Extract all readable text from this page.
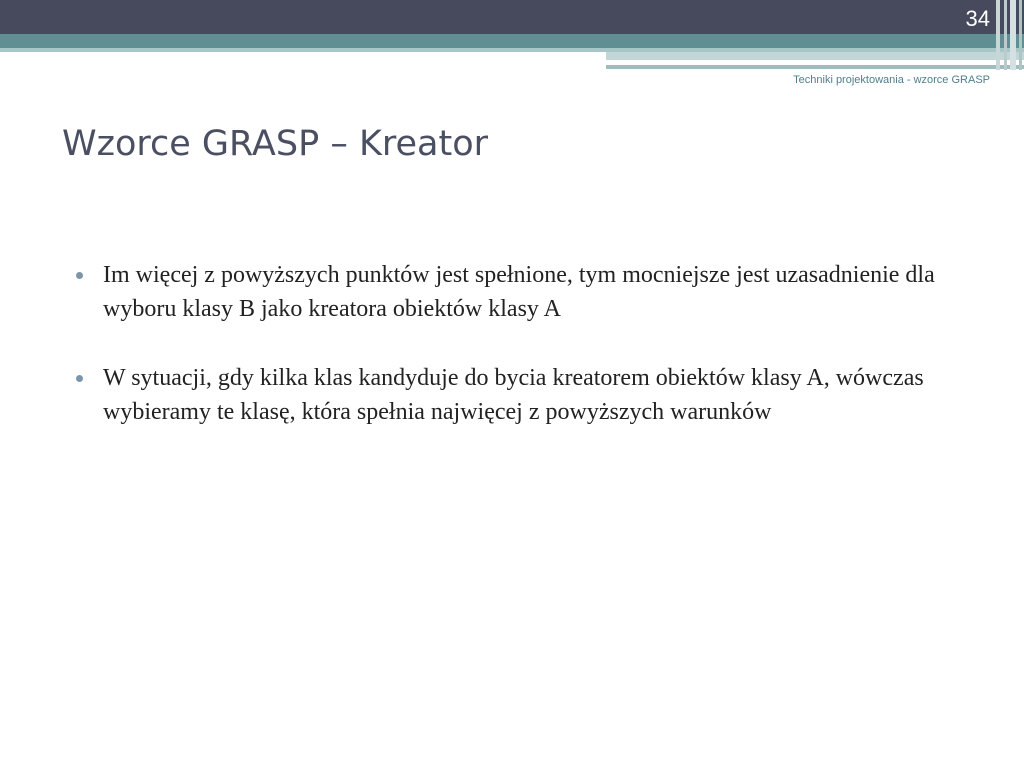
34
Techniki projektowania - wzorce GRASP
Wzorce GRASP – Kreator
Im więcej z powyższych punktów jest spełnione, tym mocniejsze jest uzasadnienie dla wyboru klasy B jako kreatora obiektów klasy A
W sytuacji, gdy kilka klas kandyduje do bycia kreatorem obiektów klasy A, wówczas wybieramy te klasę, która spełnia najwięcej z powyższych warunków
